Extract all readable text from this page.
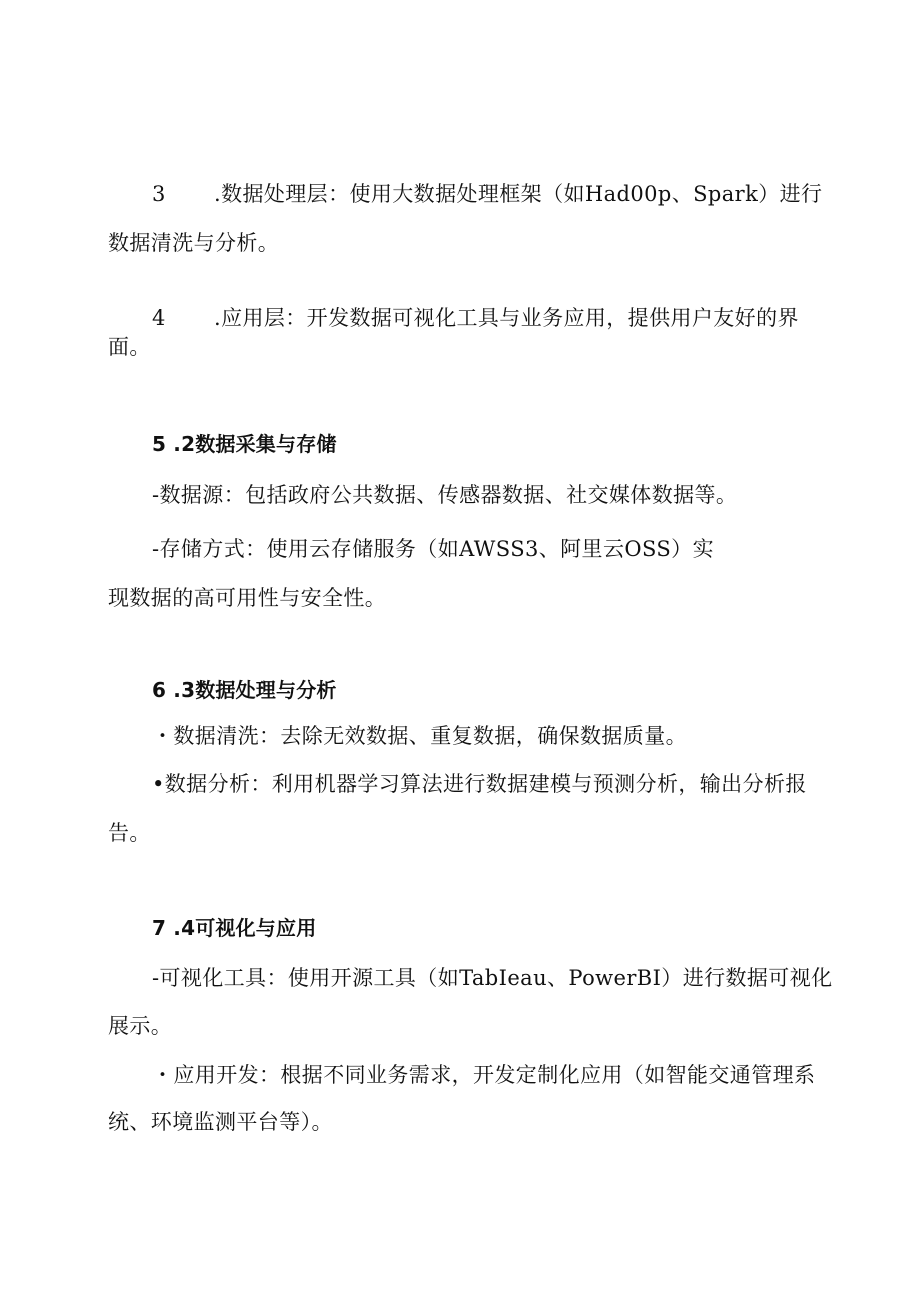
3 .数据处理层：使用大数据处理框架（如Had00p、Spark）进行
数据清洗与分析。
4 .应用层：开发数据可视化工具与业务应用，提供用户友好的界
面。
5 .2数据采集与存储
-数据源：包括政府公共数据、传感器数据、社交媒体数据等。
-存储方式：使用云存储服务（如AWSS3、阿里云OSS）实
现数据的高可用性与安全性。
6 .3数据处理与分析
・数据清洗：去除无效数据、重复数据，确保数据质量。
•数据分析：利用机器学习算法进行数据建模与预测分析，输出分析报
告。
7 .4可视化与应用
-可视化工具：使用开源工具（如TabIeau、PowerBI）进行数据可视化
展示。
・应用开发：根据不同业务需求，开发定制化应用（如智能交通管理系
统、环境监测平台等）。
